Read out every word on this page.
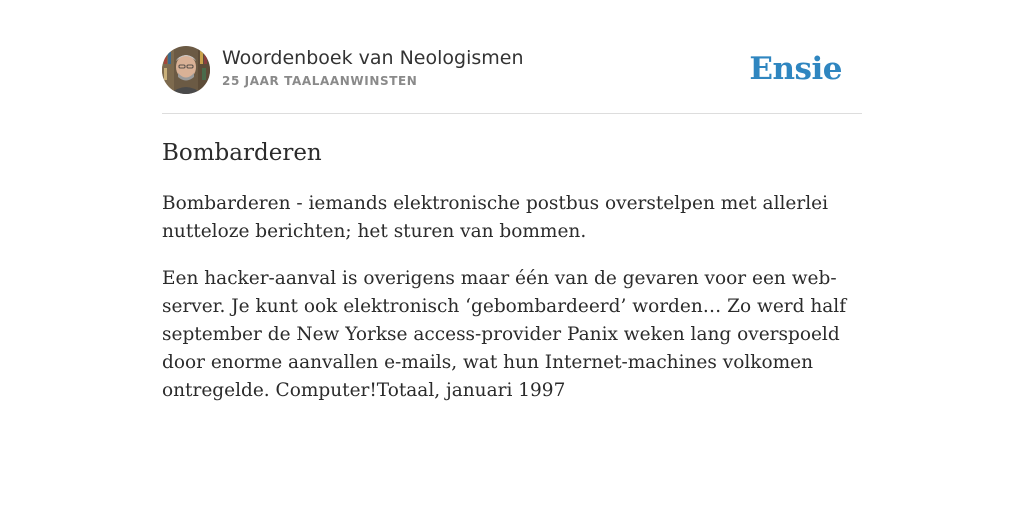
Woordenboek van Neologismen
25 JAAR TAALAANWINSTEN	Ensie
Bombarderen

Bombarderen - iemands elektronische postbus overstelpen met allerlei nutteloze berichten; het sturen van bommen.

Een hacker-aanval is overigens maar één van de gevaren voor een web-server. Je kunt ook elektronisch ‘gebombardeerd’ worden… Zo werd half september de New Yorkse access-provider Panix weken lang overspoeld door enorme aanvallen e-mails, wat hun Internet-machines volkomen ontregelde. Computer!Totaal, januari 1997
